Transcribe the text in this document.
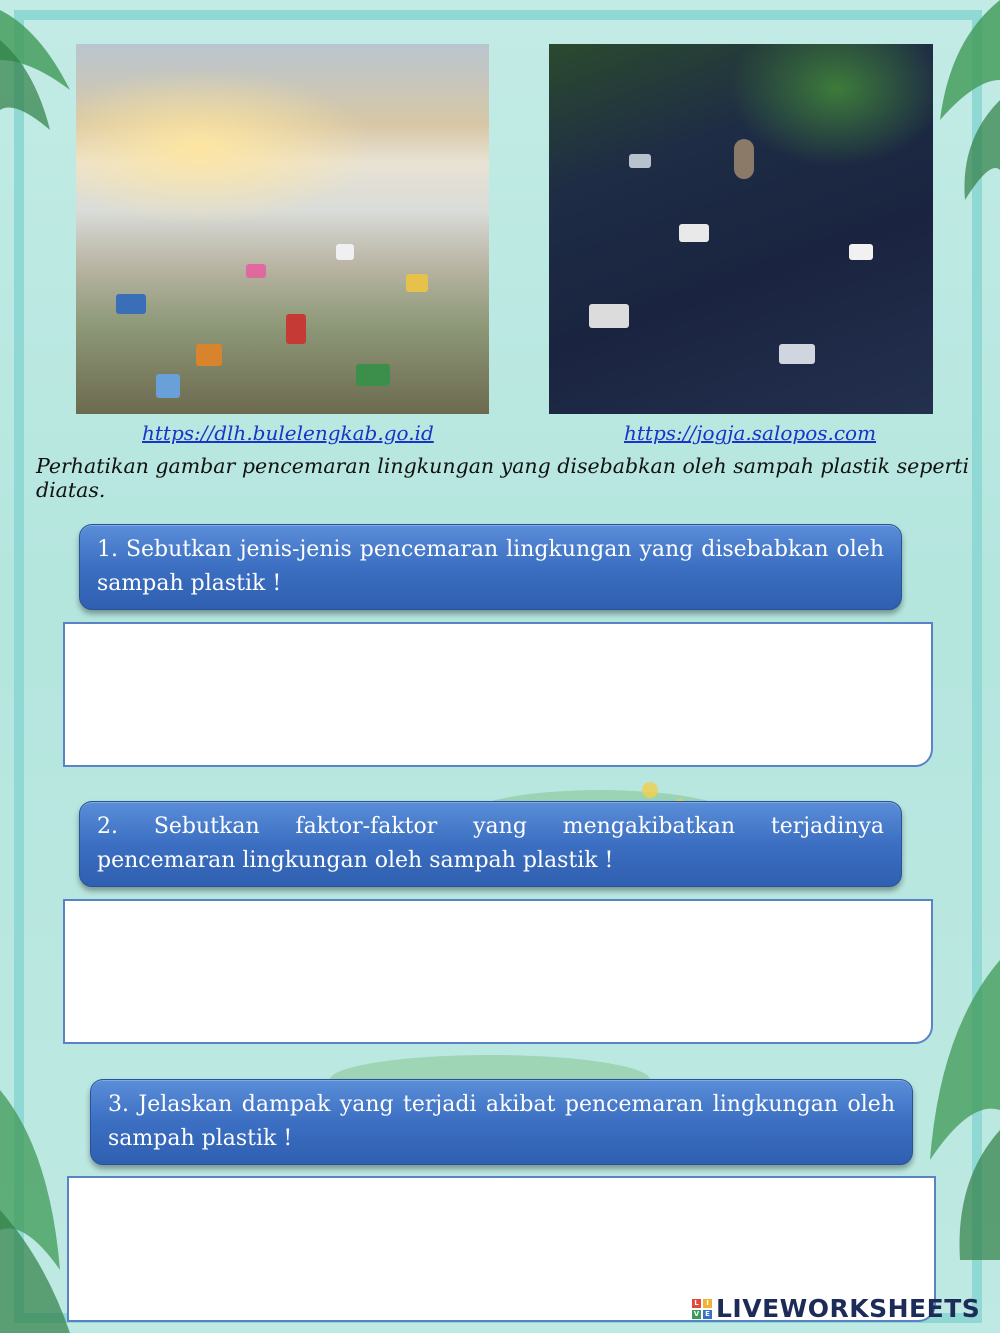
https://dlh.bulelengkab.go.id	https://jogja.salopos.com

Perhatikan gambar pencemaran lingkungan yang disebabkan oleh sampah plastik seperti diatas.

1. Sebutkan jenis-jenis pencemaran lingkungan yang disebabkan oleh sampah plastik !
2. Sebutkan faktor-faktor yang mengakibatkan terjadinya pencemaran lingkungan oleh sampah plastik !
3. Jelaskan dampak yang terjadi akibat pencemaran lingkungan oleh sampah plastik !
L	I
V E LIVEWORKSHEETS
